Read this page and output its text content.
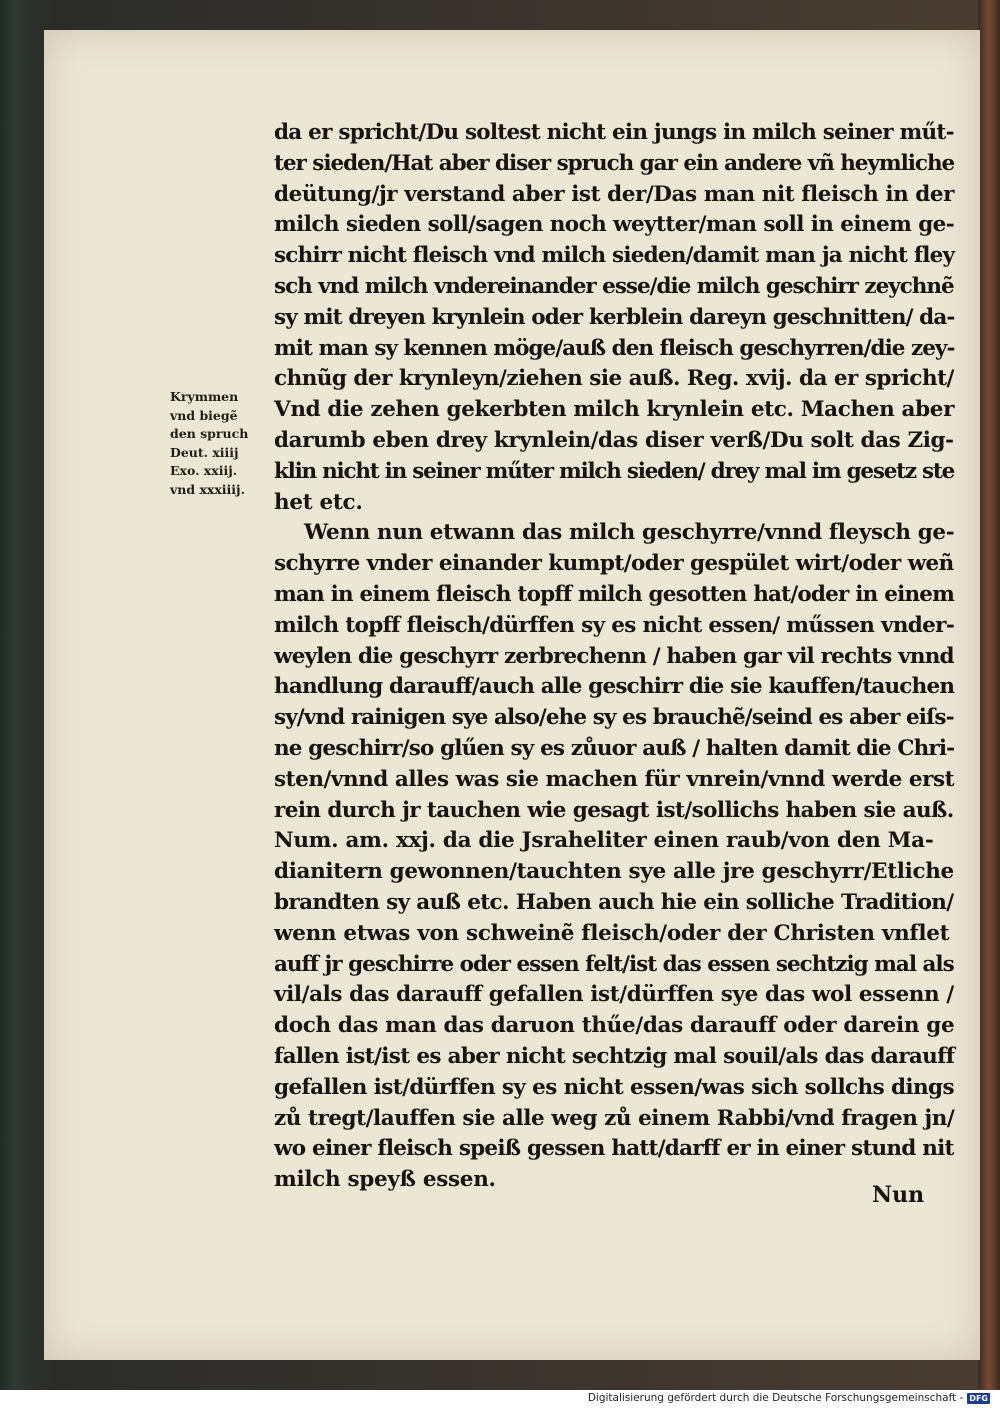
da er spricht/Du soltest nicht ein jungs in milch seiner műt-
ter sieden/Hat aber diser spruch gar ein andere vñ heymliche
deütung/jr verstand aber ist der/Das man nit fleisch in der
milch sieden soll/sagen noch weytter/man soll in einem ge-
schirr nicht fleisch vnd milch sieden/damit man ja nicht fley
sch vnd milch vndereinander esse/die milch geschirr zeychnẽ
sy mit dreyen krynlein oder kerblein dareyn geschnitten/ da-
mit man sy kennen möge/auß den fleisch geschyrren/die zey-
chnũg der krynleyn/ziehen sie auß. Reg. xvij. da er spricht/
Vnd die zehen gekerbten milch krynlein etc. Machen aber
darumb eben drey krynlein/das diser verß/Du solt das Zig-
klin nicht in seiner műter milch sieden/ drey mal im gesetz ste
het etc.
Wenn nun etwann das milch geschyrre/vnnd fleysch ge-
schyrre vnder einander kumpt/oder gespület wirt/oder weñ
man in einem fleisch topff milch gesotten hat/oder in einem
milch topff fleisch/dürffen sy es nicht essen/ műssen vnder-
weylen die geschyrr zerbrechenn / haben gar vil rechts vnnd
handlung darauff/auch alle geschirr die sie kauffen/tauchen
sy/vnd rainigen sye also/ehe sy es brauchẽ/seind es aber eiſs-
ne geschirr/so glűen sy es zůuor auß / halten damit die Chri-
sten/vnnd alles was sie machen für vnrein/vnnd werde erst
rein durch jr tauchen wie gesagt ist/sollichs haben sie auß.
Num. am. xxj. da die Jsraheliter einen raub/von den Ma-
dianitern gewonnen/tauchten sye alle jre geschyrr/Etliche
brandten sy auß etc. Haben auch hie ein solliche Tradition/
wenn etwas von schweinẽ fleisch/oder der Christen vnflet
auff jr geschirre oder essen felt/ist das essen sechtzig mal als
vil/als das darauff gefallen ist/dürffen sye das wol essenn /
doch das man das daruon thűe/das darauff oder darein ge
fallen ist/ist es aber nicht sechtzig mal souil/als das darauff
gefallen ist/dürffen sy es nicht essen/was sich sollchs dings
zů tregt/lauffen sie alle weg zů einem Rabbi/vnd fragen jn/
wo einer fleisch speiß gessen hatt/darff er in einer stund nit
milch speyß essen.
Krymmen
vnd biegẽ
den spruch
Deut. xiiij
Exo. xxiij.
vnd xxxiiij.
Nun
Digitalisierung gefördert durch die Deutsche Forschungsgemeinschaft - DFG
